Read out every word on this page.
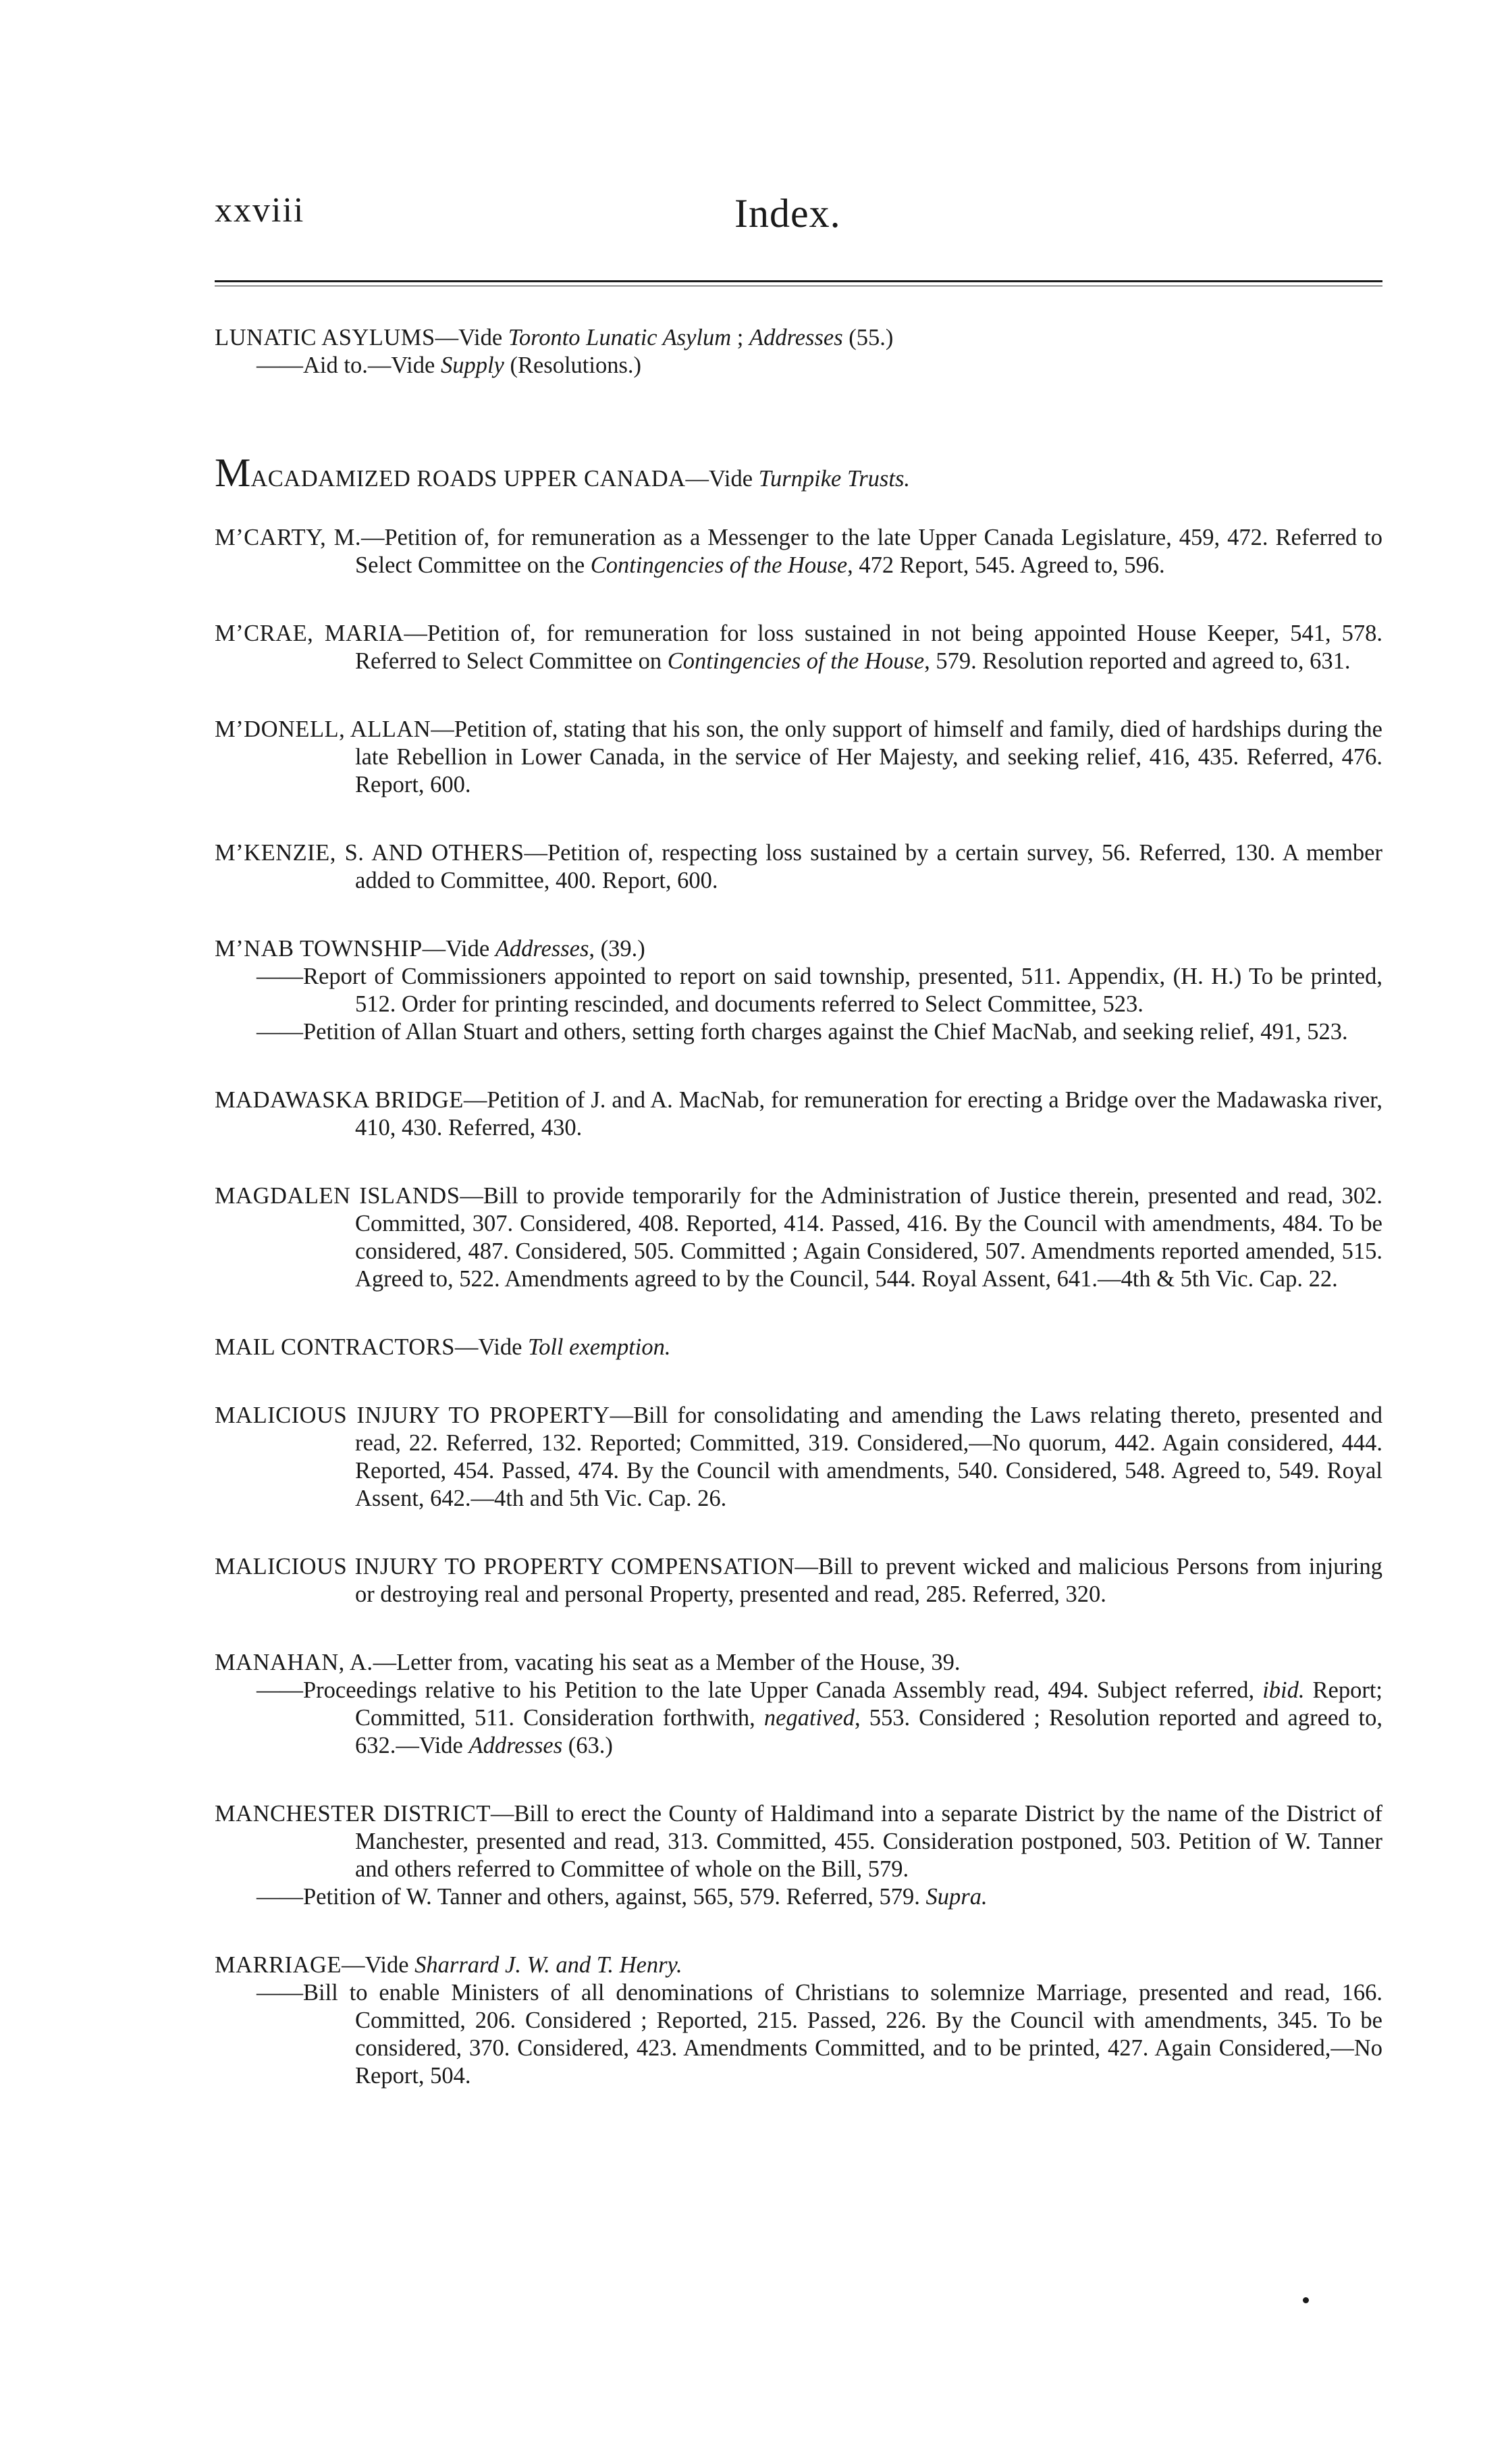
xxviii	Index.
LUNATIC ASYLUMS—Vide Toronto Lunatic Asylum ; Addresses (55.)
——Aid to.—Vide Supply (Resolutions.)
MACADAMIZED ROADS UPPER CANADA—Vide Turnpike Trusts.
M’CARTY, M.—Petition of, for remuneration as a Messenger to the late Upper Canada Legislature, 459, 472. Referred to Select Committee on the Contingencies of the House, 472 Report, 545. Agreed to, 596.
M’CRAE, MARIA—Petition of, for remuneration for loss sustained in not being appointed House Keeper, 541, 578. Referred to Select Committee on Contingencies of the House, 579. Resolution reported and agreed to, 631.
M’DONELL, ALLAN—Petition of, stating that his son, the only support of himself and family, died of hardships during the late Rebellion in Lower Canada, in the service of Her Majesty, and seeking relief, 416, 435. Referred, 476. Report, 600.
M’KENZIE, S. AND OTHERS—Petition of, respecting loss sustained by a certain survey, 56. Referred, 130. A member added to Committee, 400. Report, 600.
M’NAB TOWNSHIP—Vide Addresses, (39.)
——Report of Commissioners appointed to report on said township, presented, 511. Appendix, (H. H.) To be printed, 512. Order for printing rescinded, and documents referred to Select Committee, 523.
——Petition of Allan Stuart and others, setting forth charges against the Chief MacNab, and seeking relief, 491, 523.
MADAWASKA BRIDGE—Petition of J. and A. MacNab, for remuneration for erecting a Bridge over the Madawaska river, 410, 430. Referred, 430.
MAGDALEN ISLANDS—Bill to provide temporarily for the Administration of Justice therein, presented and read, 302. Committed, 307. Considered, 408. Reported, 414. Passed, 416. By the Council with amendments, 484. To be considered, 487. Considered, 505. Committed ; Again Considered, 507. Amendments reported amended, 515. Agreed to, 522. Amendments agreed to by the Council, 544. Royal Assent, 641.—4th & 5th Vic. Cap. 22.
MAIL CONTRACTORS—Vide Toll exemption.
MALICIOUS INJURY TO PROPERTY—Bill for consolidating and amending the Laws relating thereto, presented and read, 22. Referred, 132. Reported; Committed, 319. Considered,—No quorum, 442. Again considered, 444. Reported, 454. Passed, 474. By the Council with amendments, 540. Considered, 548. Agreed to, 549. Royal Assent, 642.—4th and 5th Vic. Cap. 26.
MALICIOUS INJURY TO PROPERTY COMPENSATION—Bill to prevent wicked and malicious Persons from injuring or destroying real and personal Property, presented and read, 285. Referred, 320.
MANAHAN, A.—Letter from, vacating his seat as a Member of the House, 39.
——Proceedings relative to his Petition to the late Upper Canada Assembly read, 494. Subject referred, ibid. Report; Committed, 511. Consideration forthwith, negatived, 553. Considered ; Resolution reported and agreed to, 632.—Vide Addresses (63.)
MANCHESTER DISTRICT—Bill to erect the County of Haldimand into a separate District by the name of the District of Manchester, presented and read, 313. Committed, 455. Consideration postponed, 503. Petition of W. Tanner and others referred to Committee of whole on the Bill, 579.
——Petition of W. Tanner and others, against, 565, 579. Referred, 579. Supra.
MARRIAGE—Vide Sharrard J. W. and T. Henry.
——Bill to enable Ministers of all denominations of Christians to solemnize Marriage, presented and read, 166. Committed, 206. Considered ; Reported, 215. Passed, 226. By the Council with amendments, 345. To be considered, 370. Considered, 423. Amendments Committed, and to be printed, 427. Again Considered,—No Report, 504.
